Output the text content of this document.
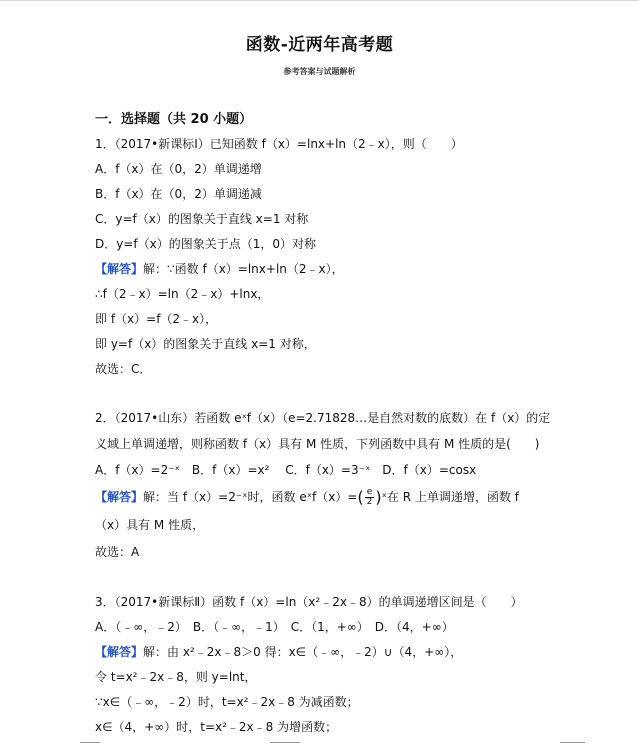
函数-近两年高考题
参考答案与试题解析
一．选择题（共 20 小题）
1．（2017•新课标Ⅰ）已知函数 f（x）=lnx+ln（2﹣x），则（　　）
A．f（x）在（0，2）单调递增
B．f（x）在（0，2）单调递减
C．y=f（x）的图象关于直线 x=1 对称
D．y=f（x）的图象关于点（1，0）对称
【解答】解：∵函数 f（x）=lnx+ln（2﹣x），
∴f（2﹣x）=ln（2﹣x）+lnx，
即 f（x）=f（2﹣x），
即 y=f（x）的图象关于直线 x=1 对称，
故选：C．
2．（2017•山东）若函数 eˣf（x）（e=2.71828…是自然对数的底数）在 f（x）的定
义域上单调递增，则称函数 f（x）具有 M 性质，下列函数中具有 M 性质的是(　　)
A．f（x）=2⁻ˣ　B．f（x）=x²　 C．f（x）=3⁻ˣ　D．f（x）=cosx
【解答】解：当 f（x）=2⁻ˣ时，函数 eˣf（x）=( $\frac{e}{2}$ )ˣ在 R 上单调递增，函数 f
（x）具有 M 性质，
故选：A
3．（2017•新课标Ⅱ）函数 f（x）=ln（x²﹣2x﹣8）的单调递增区间是（　　）
A．（﹣∞，﹣2）　B．（﹣∞，﹣1）　C．（1，+∞）　D．（4，+∞）
【解答】解：由 x²﹣2x﹣8＞0 得：x∈（﹣∞，﹣2）∪（4，+∞），
令 t=x²﹣2x﹣8，则 y=lnt，
∵x∈（﹣∞，﹣2）时，t=x²﹣2x﹣8 为减函数；
x∈（4，+∞）时，t=x²﹣2x﹣8 为增函数；
